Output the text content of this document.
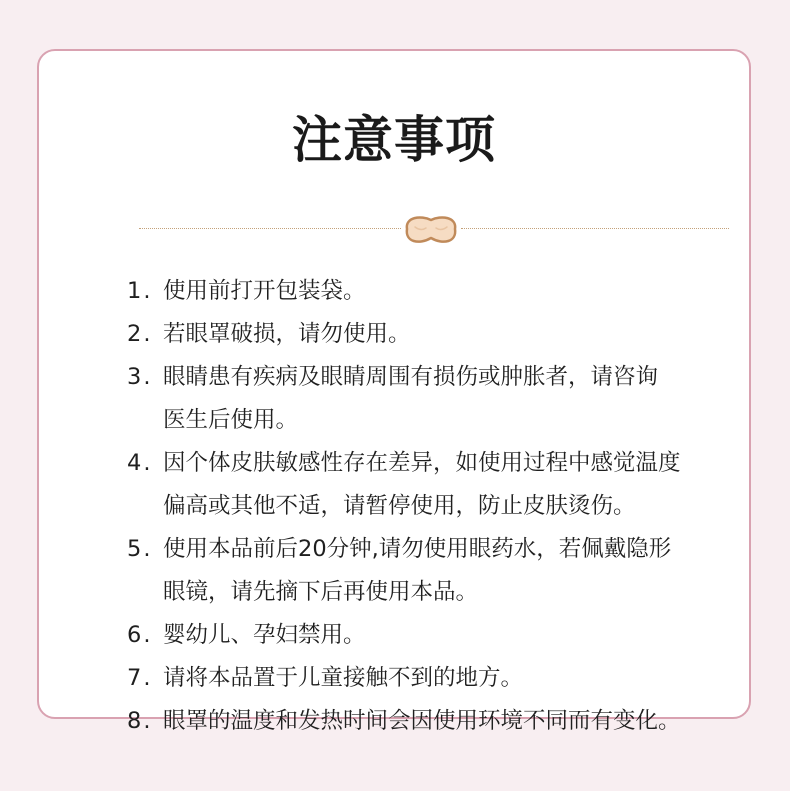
注意事项
1. 使用前打开包装袋。
2. 若眼罩破损，请勿使用。
3. 眼睛患有疾病及眼睛周围有损伤或肿胀者，请咨询
医生后使用。
4. 因个体皮肤敏感性存在差异，如使用过程中感觉温度
偏高或其他不适，请暂停使用，防止皮肤烫伤。
5. 使用本品前后20分钟,请勿使用眼药水，若佩戴隐形
眼镜，请先摘下后再使用本品。
6. 婴幼儿、孕妇禁用。
7. 请将本品置于儿童接触不到的地方。
8. 眼罩的温度和发热时间会因使用环境不同而有变化。
